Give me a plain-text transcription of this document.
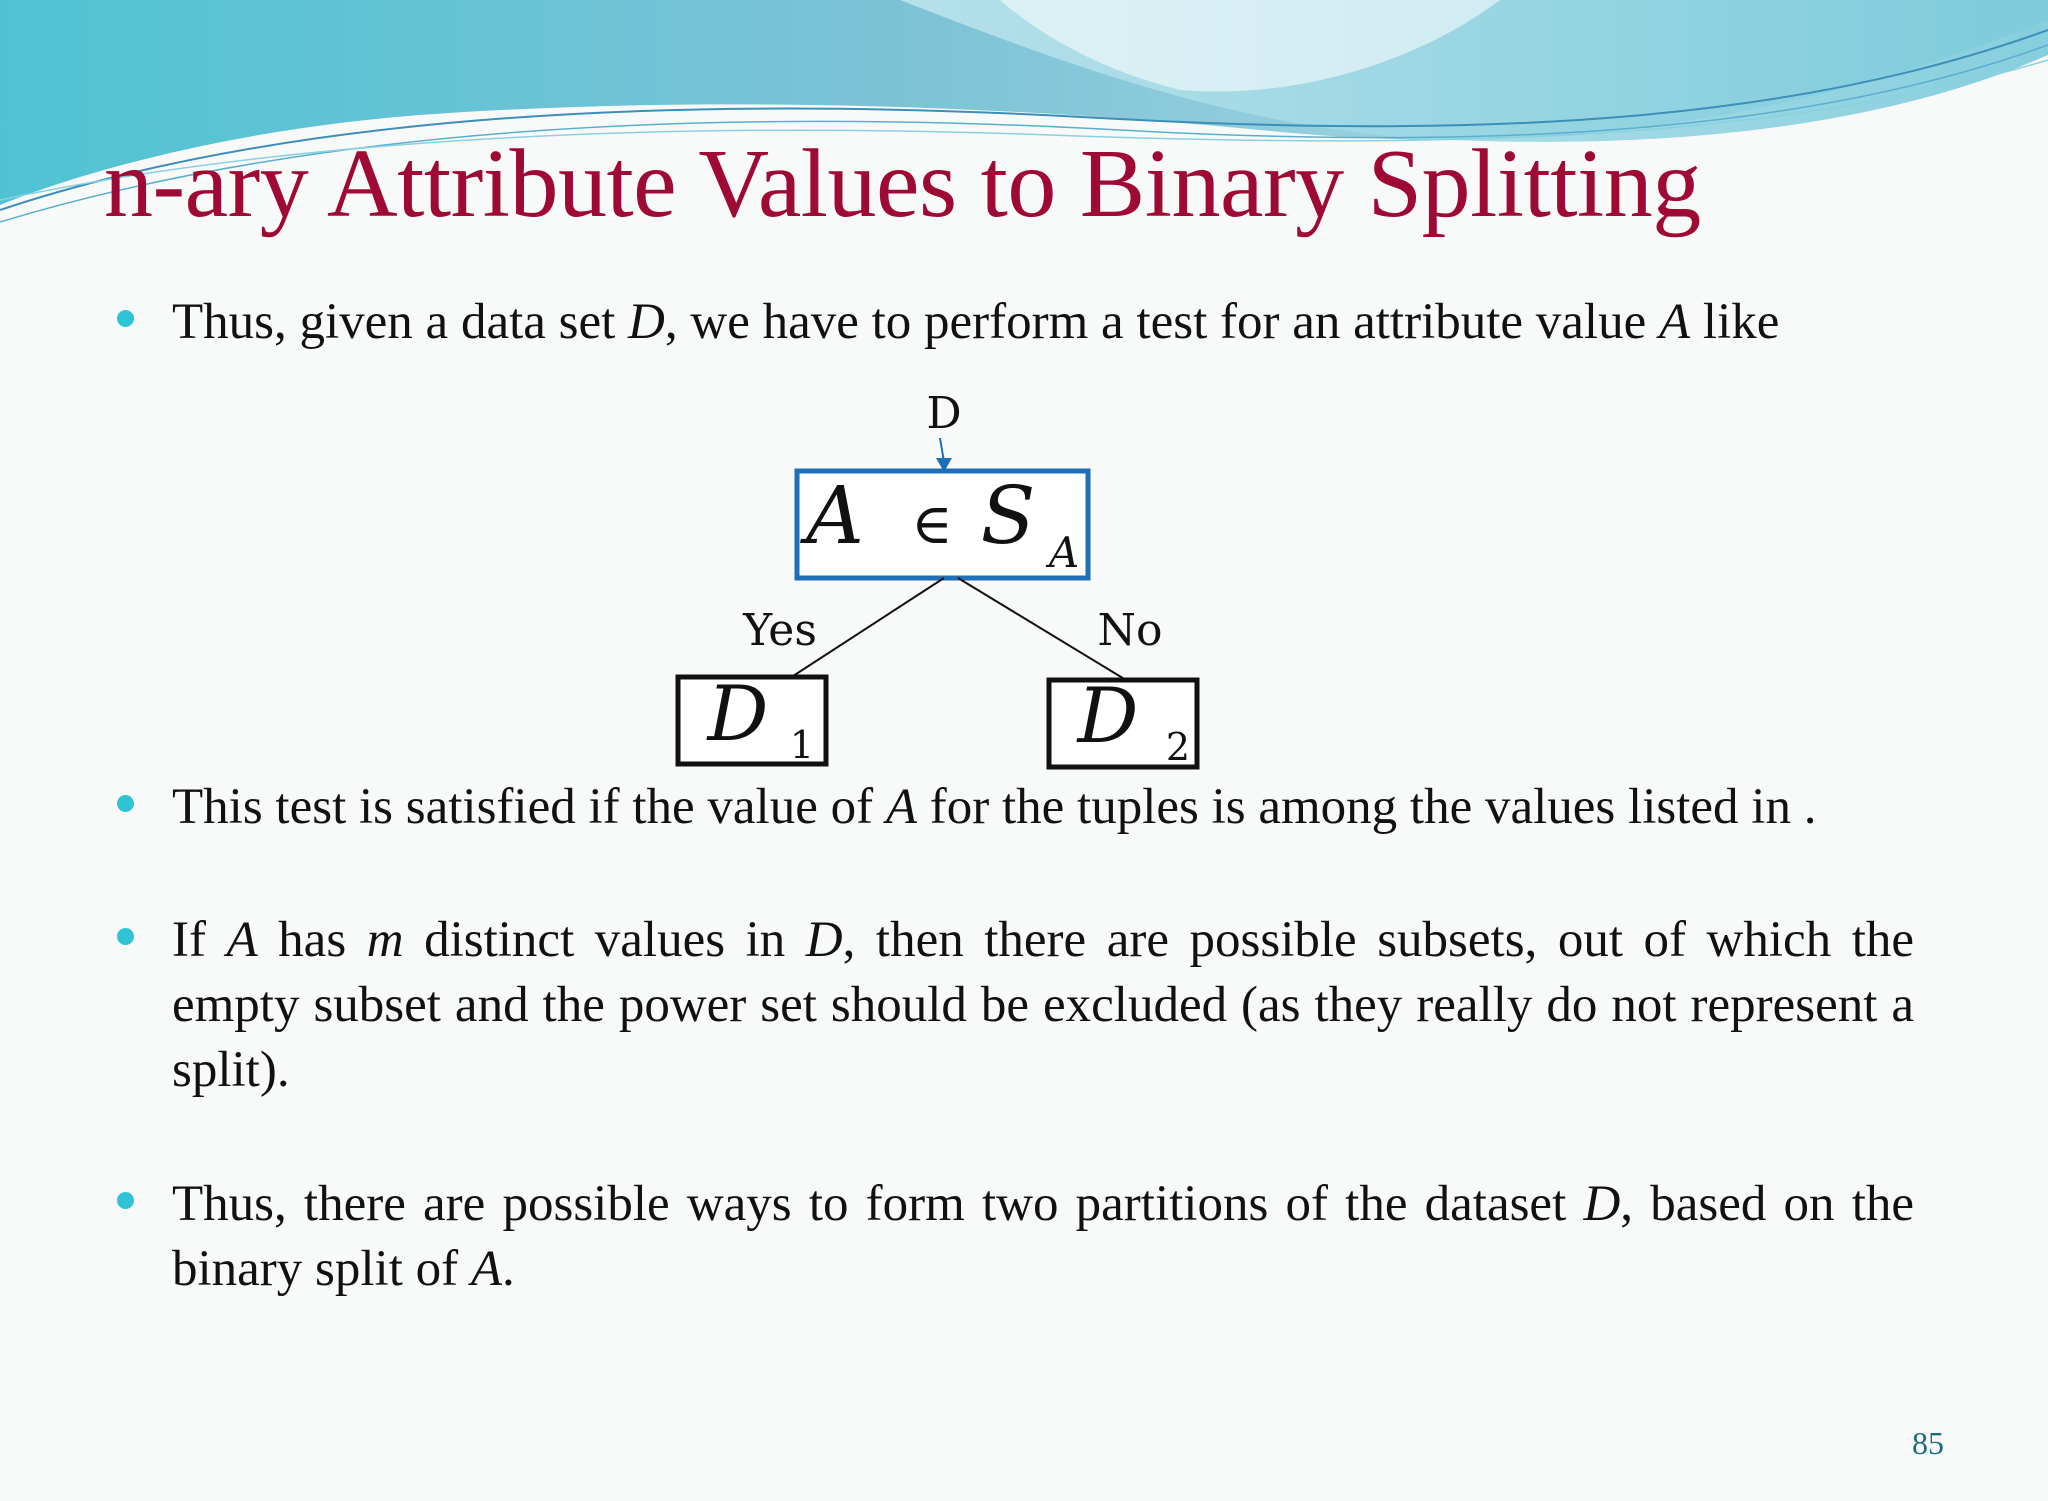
n-ary Attribute Values to Binary Splitting
Thus, given a data set D, we have to perform a test for an attribute value A like
This test is satisfied if the value of A for the tuples is among the values listed in .
If A has m distinct values in D, then there are possible subsets, out of which the empty subset and the power set should be excluded (as they really do not represent a split).
Thus, there are possible ways to form two partitions of the dataset D, based on the binary split of A.
D
A ∈ S A
Yes	No
D 1	D 2
85
